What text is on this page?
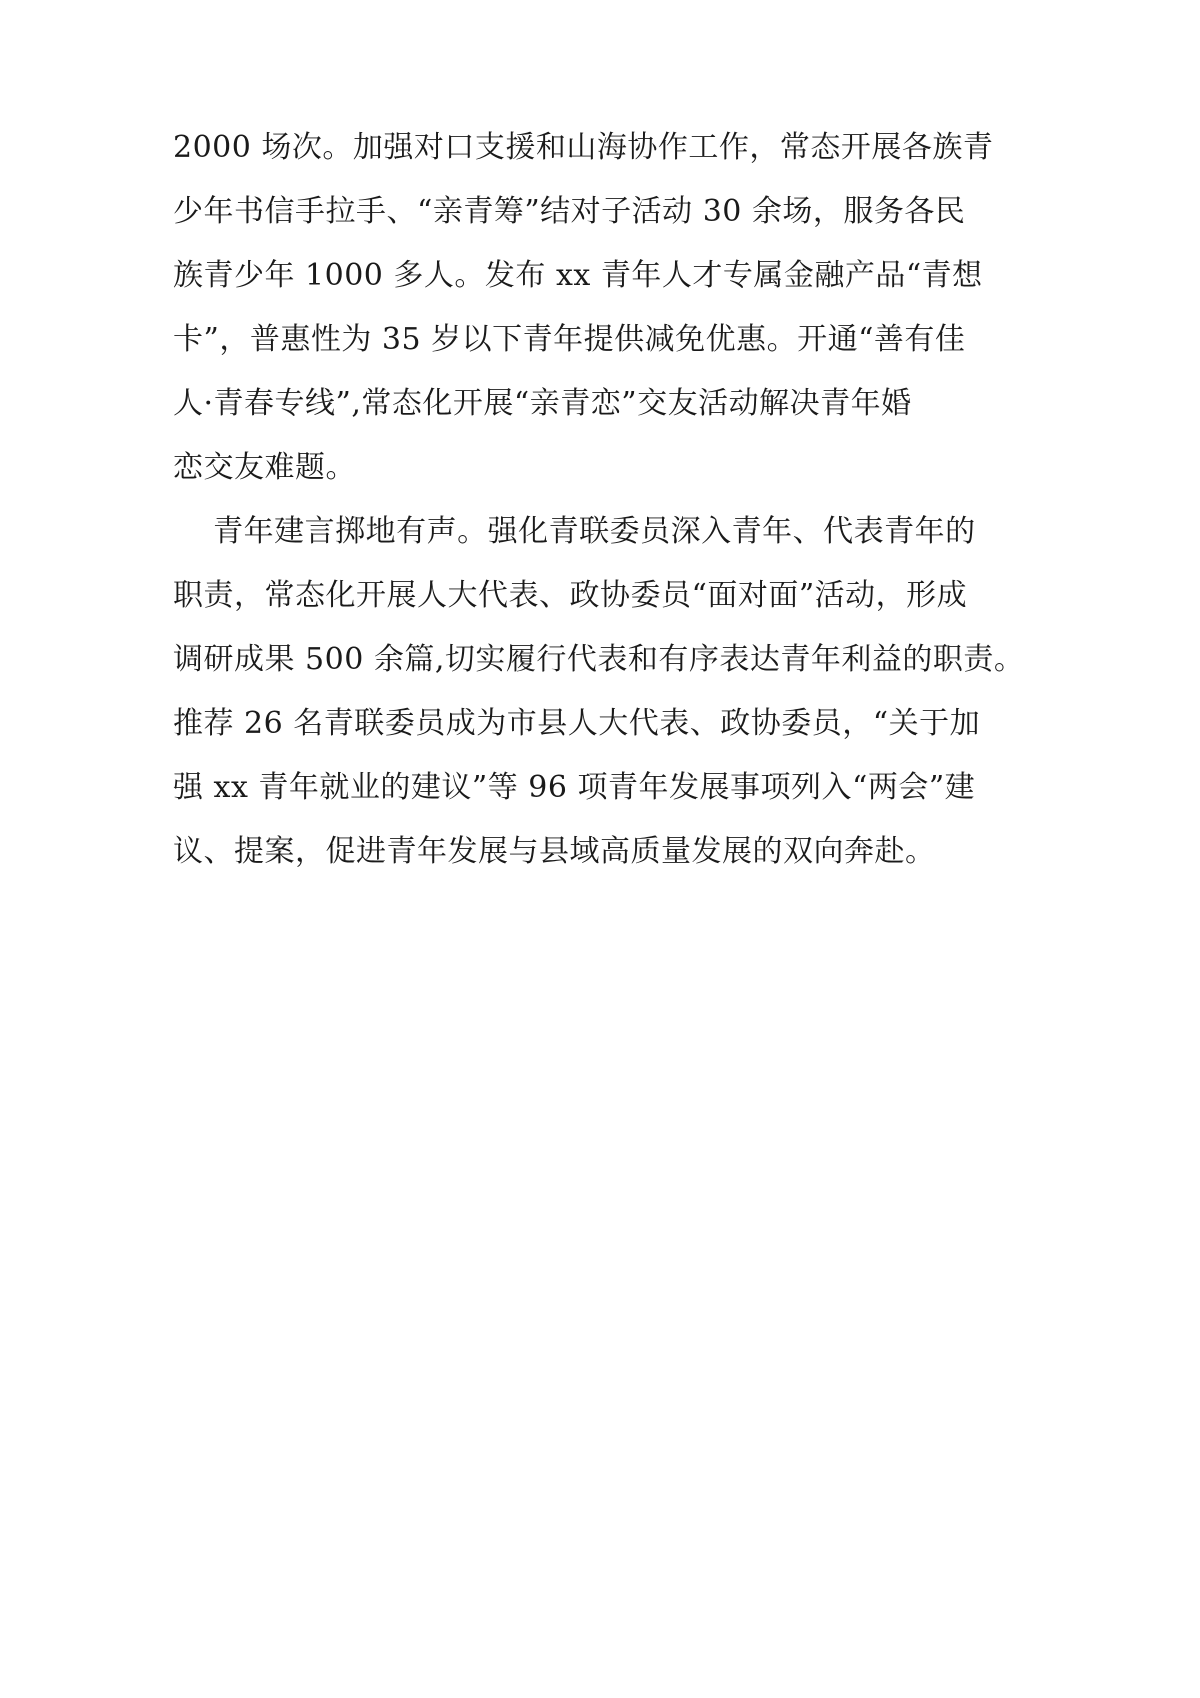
2000 场次。加强对口支援和山海协作工作，常态开展各族青
少年书信手拉手、“亲青筹”结对子活动 30 余场，服务各民
族青少年 1000 多人。发布 xx 青年人才专属金融产品“青想
卡”，普惠性为 35 岁以下青年提供减免优惠。开通“善有佳
人·青春专线”,常态化开展“亲青恋”交友活动解决青年婚
恋交友难题。
青年建言掷地有声。强化青联委员深入青年、代表青年的
职责，常态化开展人大代表、政协委员“面对面”活动，形成
调研成果 500 余篇,切实履行代表和有序表达青年利益的职责。
推荐 26 名青联委员成为市县人大代表、政协委员，“关于加
强 xx 青年就业的建议”等 96 项青年发展事项列入“两会”建
议、提案，促进青年发展与县域高质量发展的双向奔赴。
